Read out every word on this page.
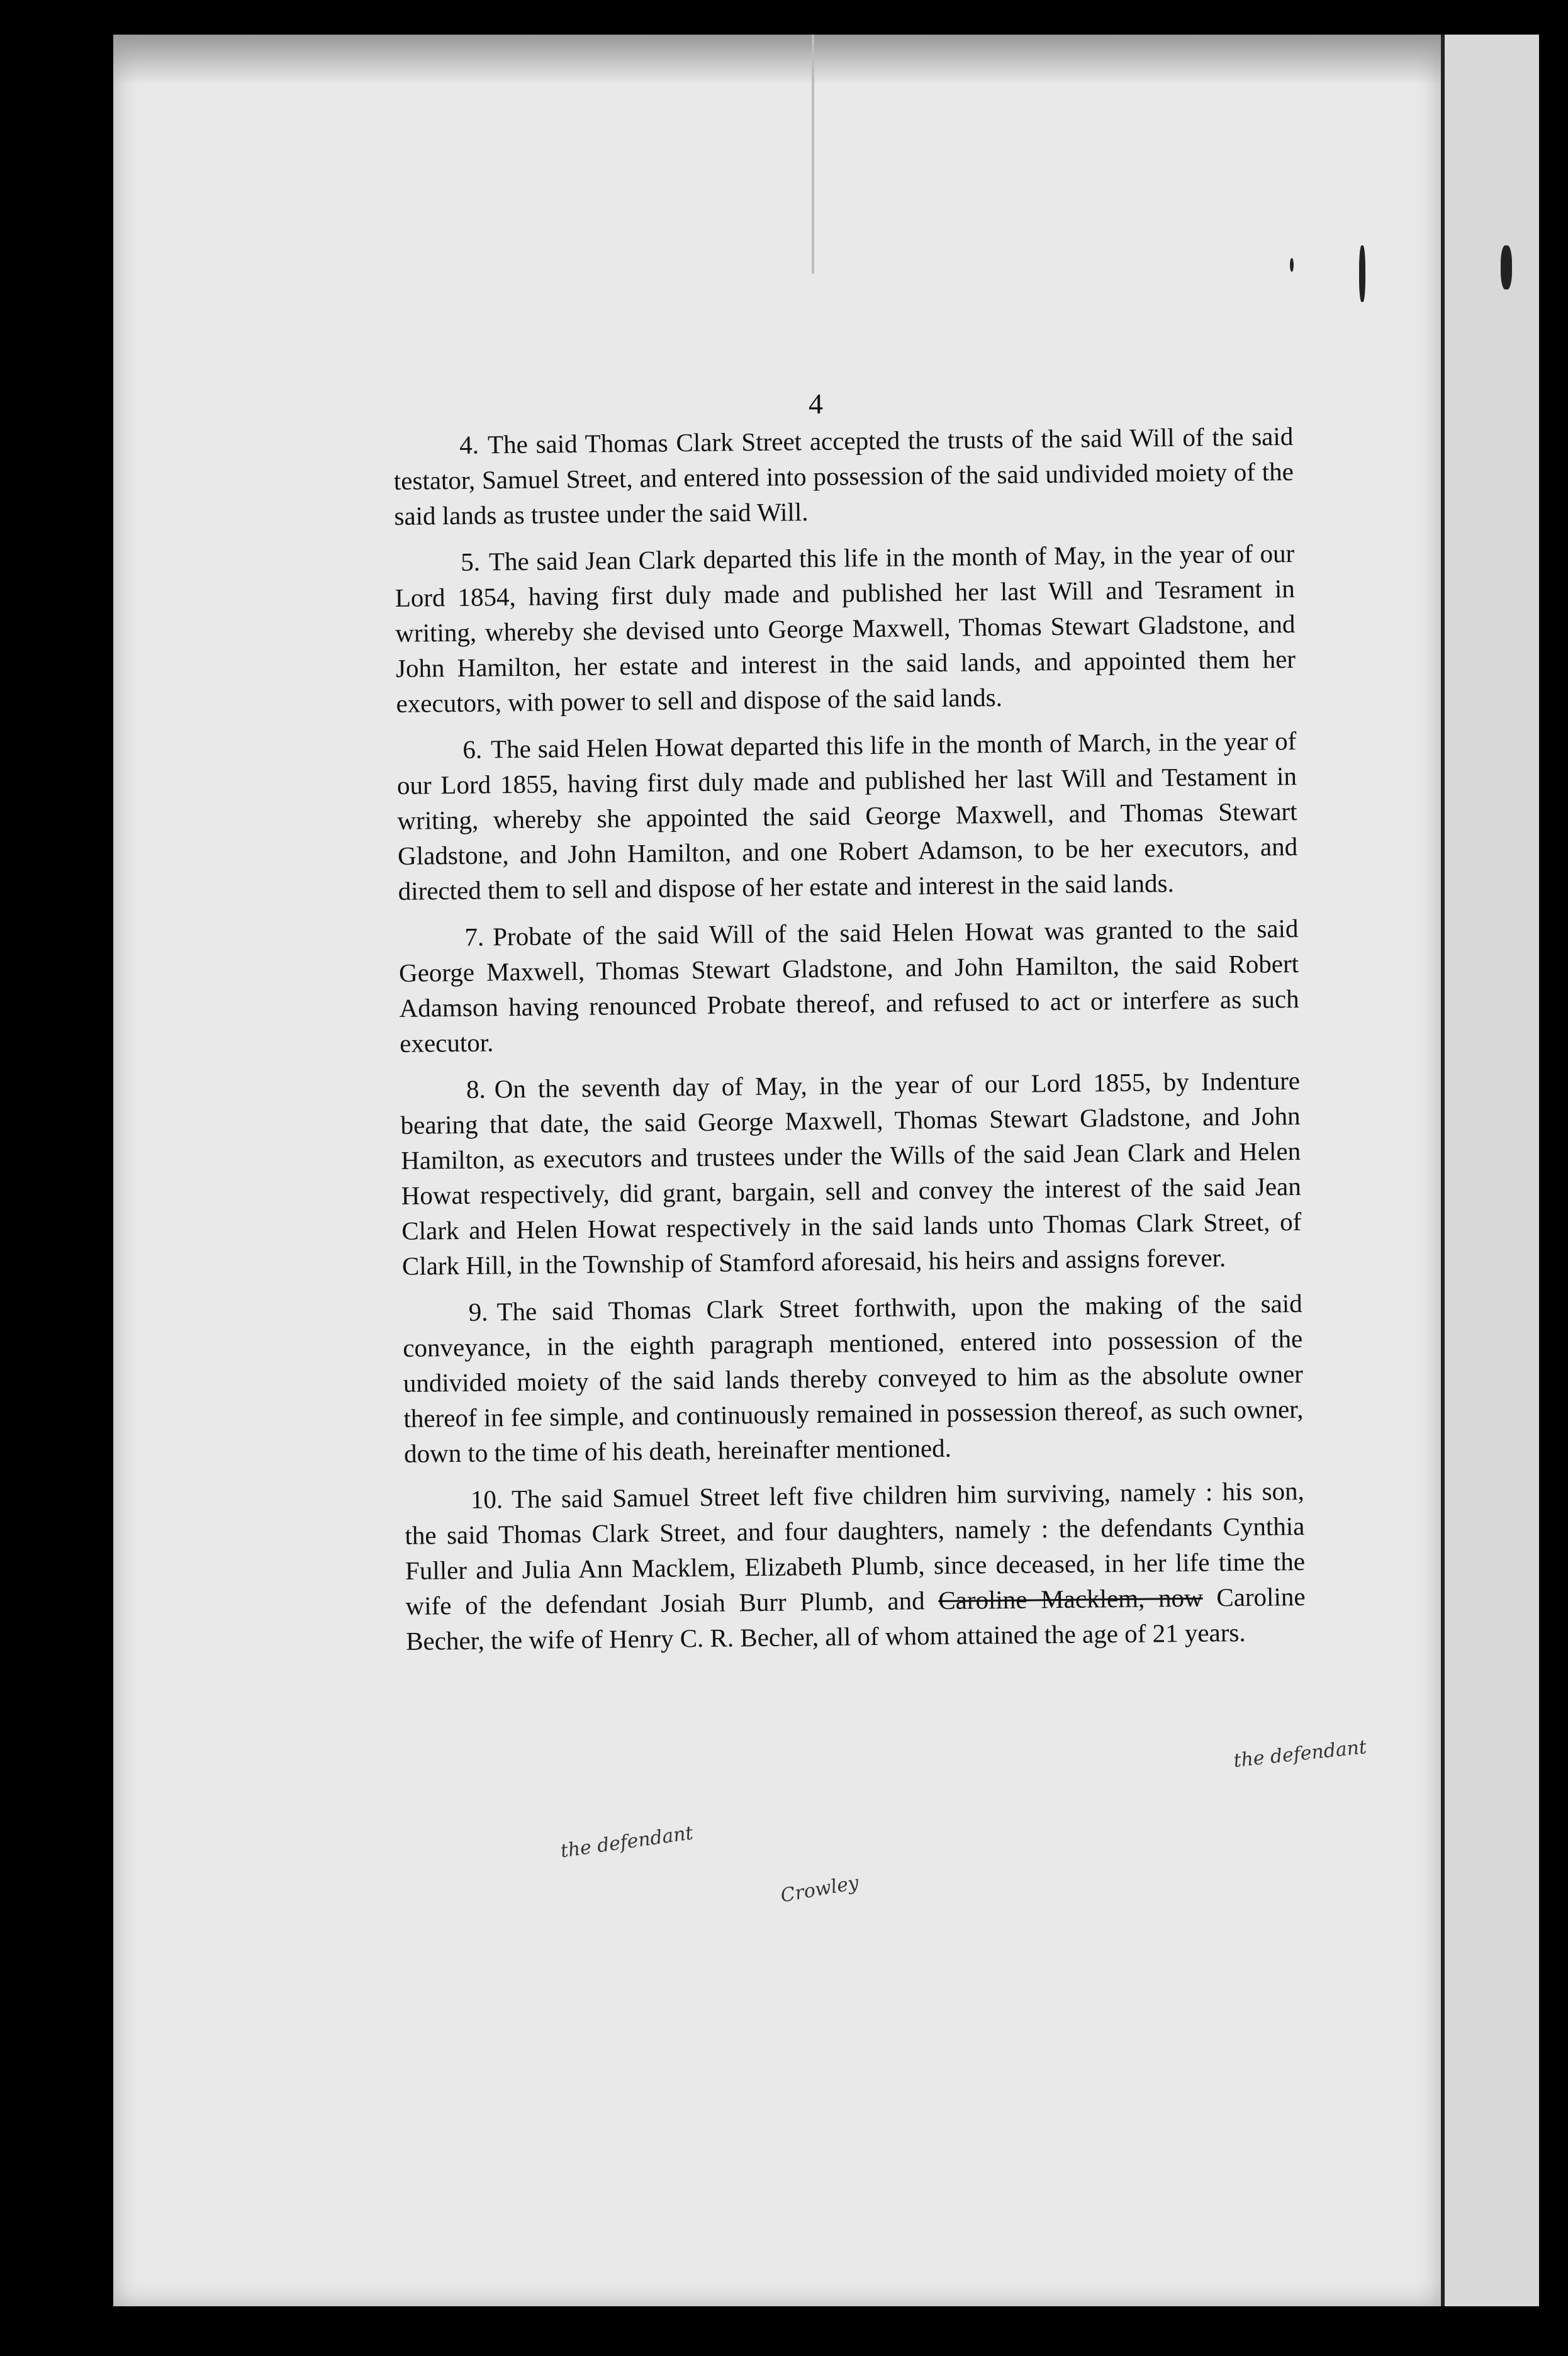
4

4. The said Thomas Clark Street accepted the trusts of the said Will of the said testator, Samuel Street, and entered into possession of the said undivided moiety of the said lands as trustee under the said Will.

5. The said Jean Clark departed this life in the month of May, in the year of our Lord 1854, having first duly made and published her last Will and Tesrament in writing, whereby she devised unto George Maxwell, Thomas Stewart Gladstone, and John Hamilton, her estate and interest in the said lands, and appointed them her executors, with power to sell and dispose of the said lands.

6. The said Helen Howat departed this life in the month of March, in the year of our Lord 1855, having first duly made and published her last Will and Testament in writing, whereby she appointed the said George Maxwell, and Thomas Stewart Gladstone, and John Hamilton, and one Robert Adamson, to be her executors, and directed them to sell and dispose of her estate and interest in the said lands.

7. Probate of the said Will of the said Helen Howat was granted to the said George Maxwell, Thomas Stewart Gladstone, and John Hamilton, the said Robert Adamson having renounced Probate thereof, and refused to act or interfere as such executor.

8. On the seventh day of May, in the year of our Lord 1855, by Indenture bearing that date, the said George Maxwell, Thomas Stewart Gladstone, and John Hamilton, as executors and trustees under the Wills of the said Jean Clark and Helen Howat respectively, did grant, bargain, sell and convey the interest of the said Jean Clark and Helen Howat respectively in the said lands unto Thomas Clark Street, of Clark Hill, in the Township of Stamford aforesaid, his heirs and assigns forever.

9. The said Thomas Clark Street forthwith, upon the making of the said conveyance, in the eighth paragraph mentioned, entered into possession of the undivided moiety of the said lands thereby conveyed to him as the absolute owner thereof in fee simple, and continuously remained in possession thereof, as such owner, down to the time of his death, hereinafter mentioned.

10. The said Samuel Street left five children him surviving, namely : his son, the said Thomas Clark Street, and four daughters, namely : the defendants Cynthia Fuller and Julia Ann Macklem, Elizabeth Plumb, since deceased, in her life time the wife of the defendant Josiah Burr Plumb, and Caroline Macklem, now Caroline Becher, the wife of Henry C. R. Becher, all of whom attained the age of 21 years.

the defendant
the defendant
Crowley
